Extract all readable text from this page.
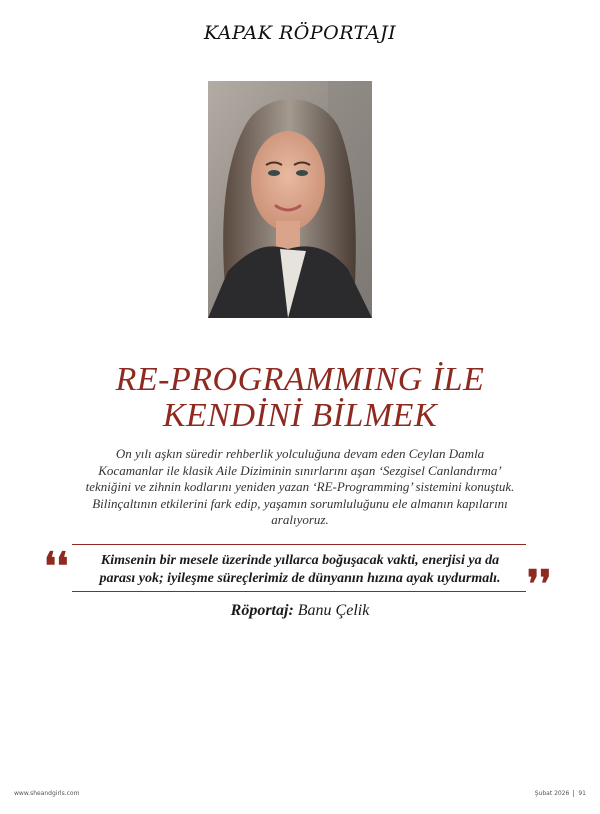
KAPAK RÖPORTAJI
RE-PROGRAMMING İLE
KENDİNİ BİLMEK
On yılı aşkın süredir rehberlik yolculuğuna devam eden Ceylan Damla
Kocamanlar ile klasik Aile Diziminin sınırlarını aşan ‘Sezgisel Canlandırma’
tekniğini ve zihnin kodlarını yeniden yazan ‘RE-Programming’ sistemini konuştuk.
Bilinçaltının etkilerini fark edip, yaşamın sorumluluğunu ele almanın kapılarını
aralıyoruz.
❛❛	Kimsenin bir mesele üzerinde yıllarca boğuşacak vakti, enerjisi ya da
parası yok; iyileşme süreçlerimiz de dünyanın hızına ayak uydurmalı. ❜❜
Röportaj: Banu Çelik
www.sheandgirls.com	Şubat 2026 91
